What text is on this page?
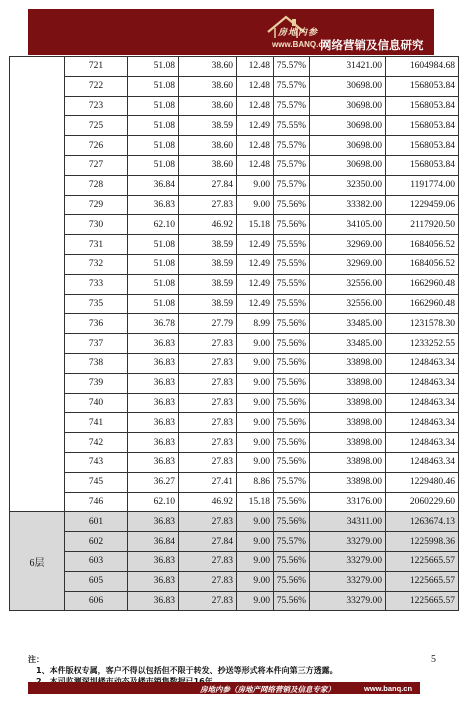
房地内参
www.BANQ.cn
网络营销及信息研究专家
	721	51.08	38.60	12.48	75.57%	31421.00	1604984.68
	722	51.08	38.60	12.48	75.57%	30698.00	1568053.84
	723	51.08	38.60	12.48	75.57%	30698.00	1568053.84
	725	51.08	38.59	12.49	75.55%	30698.00	1568053.84
	726	51.08	38.60	12.48	75.57%	30698.00	1568053.84
	727	51.08	38.60	12.48	75.57%	30698.00	1568053.84
	728	36.84	27.84	9.00	75.57%	32350.00	1191774.00
	729	36.83	27.83	9.00	75.56%	33382.00	1229459.06
	730	62.10	46.92	15.18	75.56%	34105.00	2117920.50
	731	51.08	38.59	12.49	75.55%	32969.00	1684056.52
	732	51.08	38.59	12.49	75.55%	32969.00	1684056.52
	733	51.08	38.59	12.49	75.55%	32556.00	1662960.48
	735	51.08	38.59	12.49	75.55%	32556.00	1662960.48
	736	36.78	27.79	8.99	75.56%	33485.00	1231578.30
	737	36.83	27.83	9.00	75.56%	33485.00	1233252.55
	738	36.83	27.83	9.00	75.56%	33898.00	1248463.34
	739	36.83	27.83	9.00	75.56%	33898.00	1248463.34
	740	36.83	27.83	9.00	75.56%	33898.00	1248463.34
	741	36.83	27.83	9.00	75.56%	33898.00	1248463.34
	742	36.83	27.83	9.00	75.56%	33898.00	1248463.34
	743	36.83	27.83	9.00	75.56%	33898.00	1248463.34
	745	36.27	27.41	8.86	75.57%	33898.00	1229480.46
	746	62.10	46.92	15.18	75.56%	33176.00	2060229.60
6层	601	36.83	27.83	9.00	75.56%	34311.00	1263674.13
	602	36.84	27.84	9.00	75.57%	33279.00	1225998.36
	603	36.83	27.83	9.00	75.56%	33279.00	1225665.57
	605	36.83	27.83	9.00	75.56%	33279.00	1225665.57
	606	36.83	27.83	9.00	75.56%	33279.00	1225665.57
注：
1、本件版权专属，客户不得以包括但不限于转发、抄送等形式将本件向第三方透露。
5
房地内参（房地产网络营销及信息专家）	www.banq.cn
